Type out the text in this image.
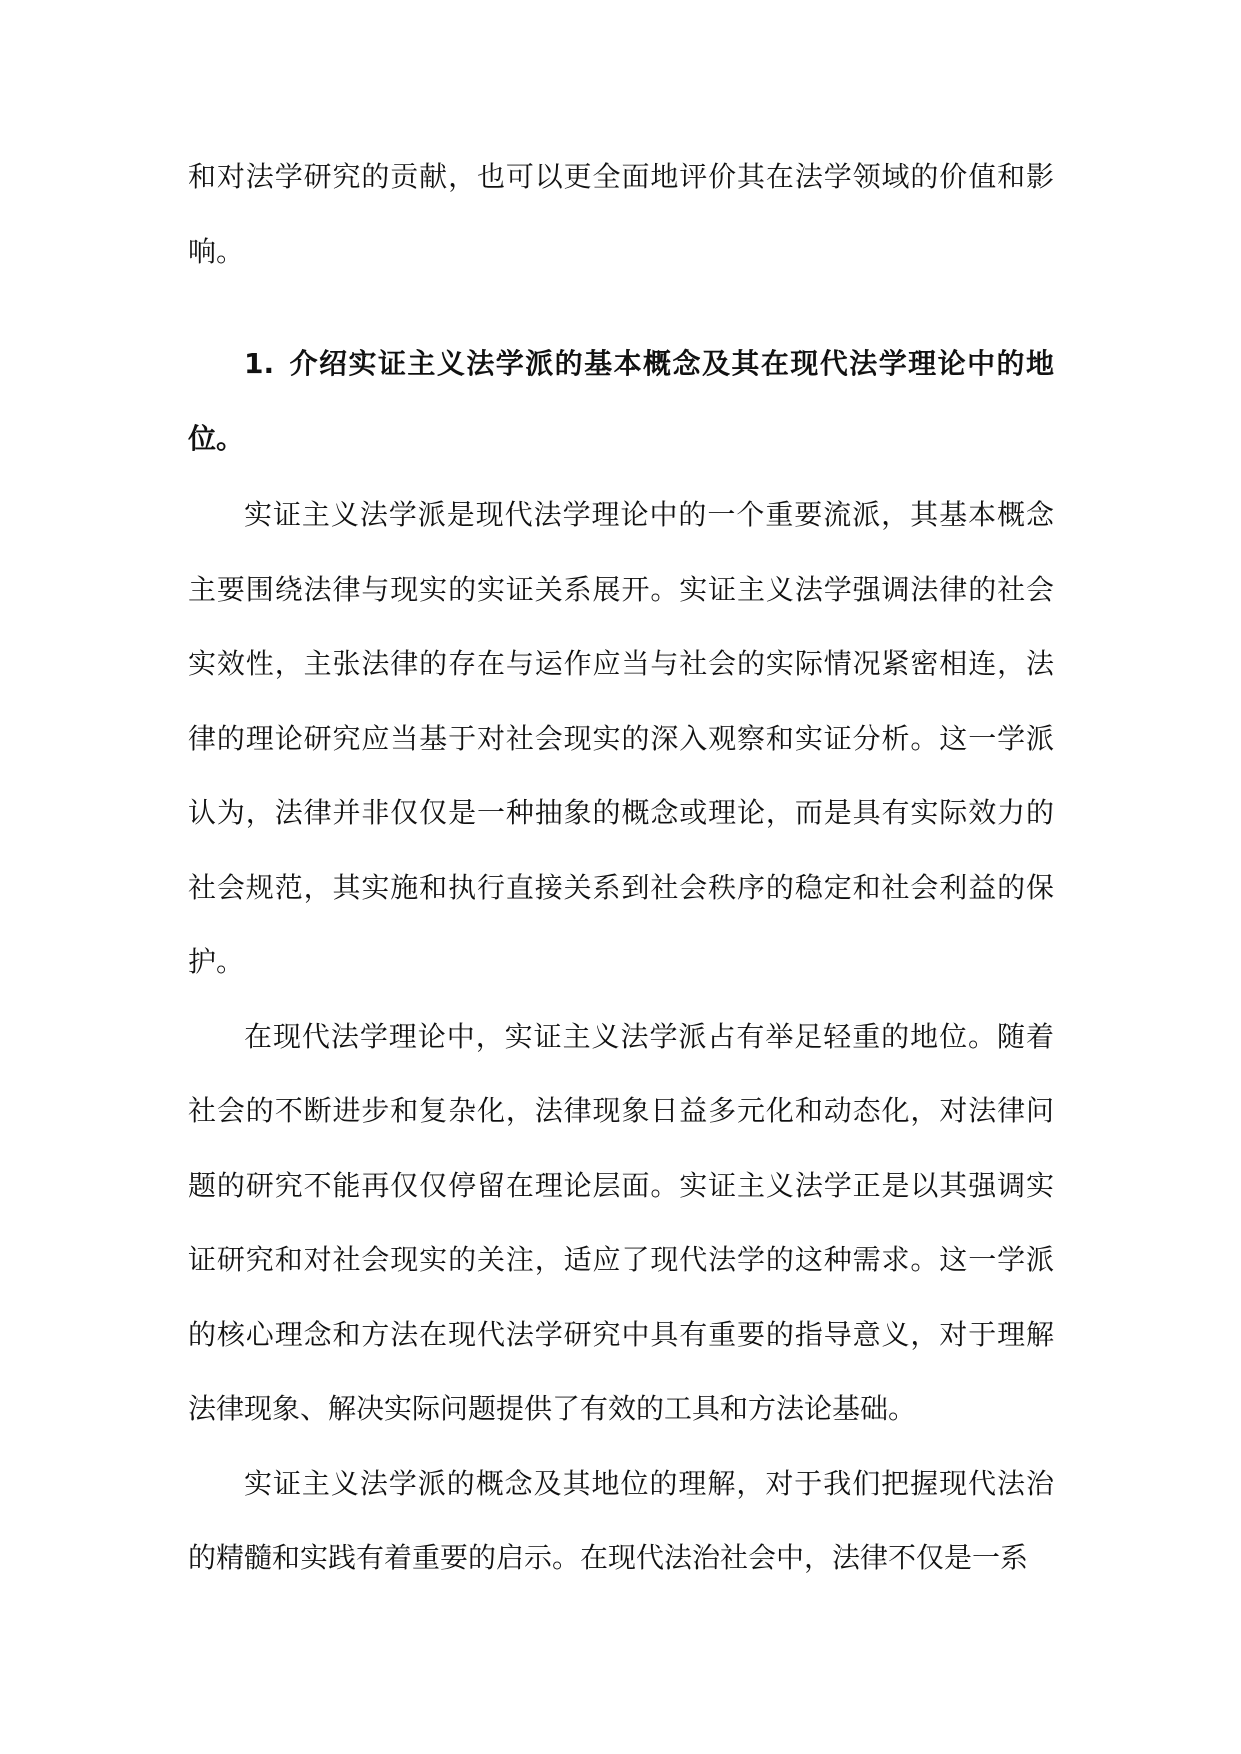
和对法学研究的贡献，也可以更全面地评价其在法学领域的价值和影响。

1. 介绍实证主义法学派的基本概念及其在现代法学理论中的地位。

实证主义法学派是现代法学理论中的一个重要流派，其基本概念主要围绕法律与现实的实证关系展开。实证主义法学强调法律的社会实效性，主张法律的存在与运作应当与社会的实际情况紧密相连，法律的理论研究应当基于对社会现实的深入观察和实证分析。这一学派认为，法律并非仅仅是一种抽象的概念或理论，而是具有实际效力的社会规范，其实施和执行直接关系到社会秩序的稳定和社会利益的保护。

在现代法学理论中，实证主义法学派占有举足轻重的地位。随着社会的不断进步和复杂化，法律现象日益多元化和动态化，对法律问题的研究不能再仅仅停留在理论层面。实证主义法学正是以其强调实证研究和对社会现实的关注，适应了现代法学的这种需求。这一学派的核心理念和方法在现代法学研究中具有重要的指导意义，对于理解法律现象、解决实际问题提供了有效的工具和方法论基础。

实证主义法学派的概念及其地位的理解，对于我们把握现代法治的精髓和实践有着重要的启示。在现代法治社会中，法律不仅是一系
